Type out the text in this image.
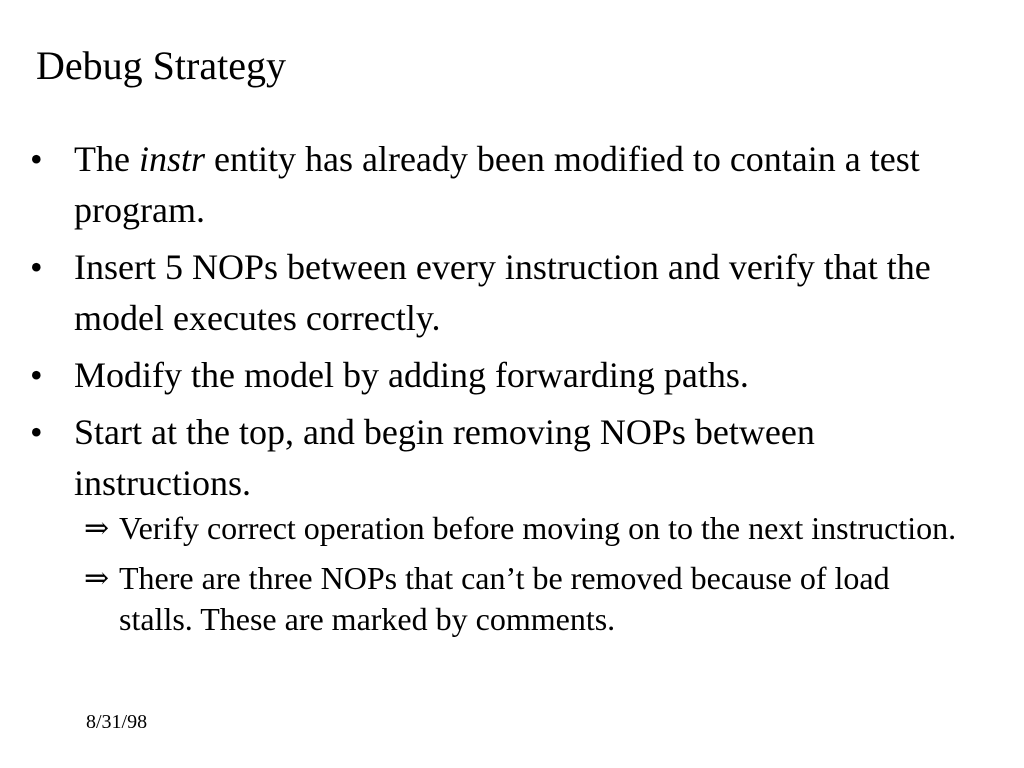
Debug Strategy
• The instr entity has already been modified to contain a test program.
• Insert 5 NOPs between every instruction and verify that the model executes correctly.
• Modify the model by adding forwarding paths.
• Start at the top, and begin removing NOPs between instructions.
⇒ Verify correct operation before moving on to the next instruction.
⇒ There are three NOPs that can’t be removed because of load stalls. These are marked by comments.
8/31/98
